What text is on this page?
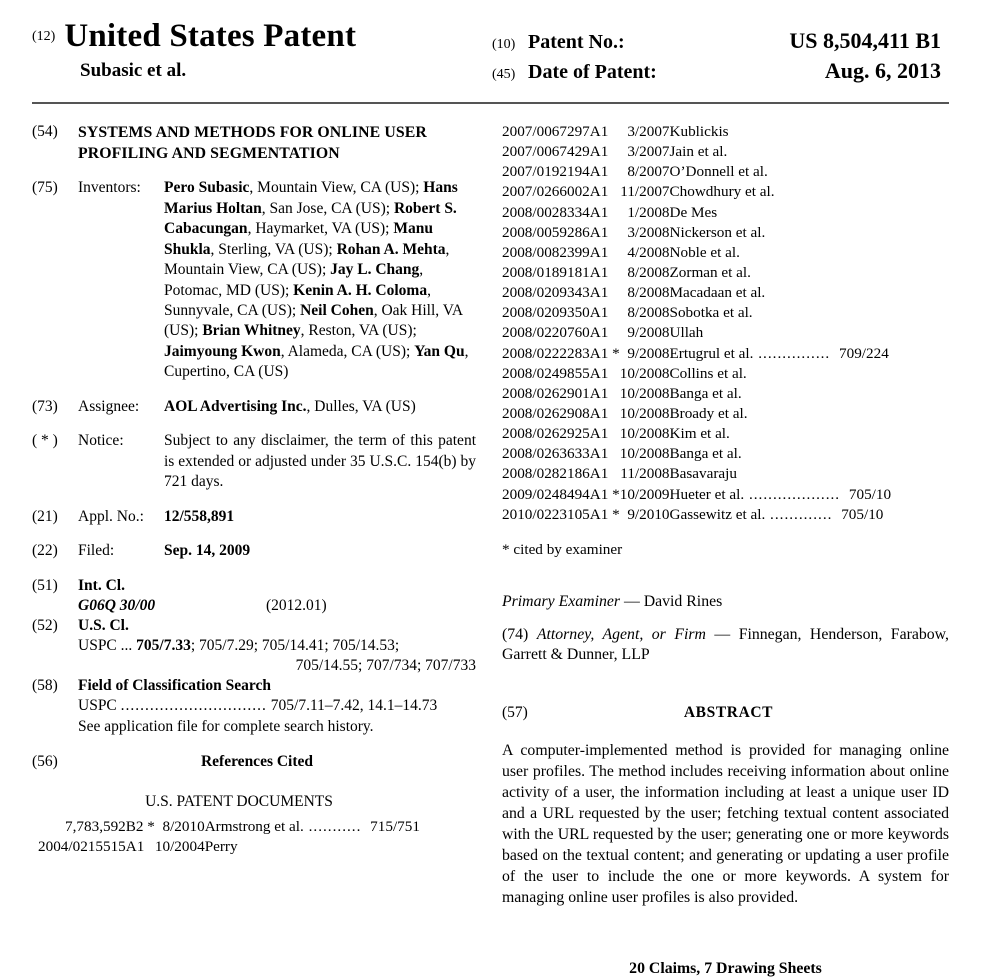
(12) United States Patent
Subasic et al.
(10) Patent No.:	US 8,504,411 B1
(45) Date of Patent:	Aug. 6, 2013
(54)	SYSTEMS AND METHODS FOR ONLINE USER PROFILING AND SEGMENTATION
(75)	Inventors:	Pero Subasic, Mountain View, CA (US); Hans Marius Holtan, San Jose, CA (US); Robert S. Cabacungan, Haymarket, VA (US); Manu Shukla, Sterling, VA (US); Rohan A. Mehta, Mountain View, CA (US); Jay L. Chang, Potomac, MD (US); Kenin A. H. Coloma, Sunnyvale, CA (US); Neil Cohen, Oak Hill, VA (US); Brian Whitney, Reston, VA (US); Jaimyoung Kwon, Alameda, CA (US); Yan Qu, Cupertino, CA (US)
(73)	Assignee:	AOL Advertising Inc., Dulles, VA (US)
( * )	Notice:	Subject to any disclaimer, the term of this patent is extended or adjusted under 35 U.S.C. 154(b) by 721 days.
(21)	Appl. No.:	12/558,891
(22)	Filed:	Sep. 14, 2009
(51)	Int. Cl.
G06Q 30/00	(2012.01)
(52)	U.S. Cl.
USPC ... 705/7.33; 705/7.29; 705/14.41; 705/14.53;
705/14.55; 707/734; 707/733
(58)	Field of Classification Search
USPC .............................. 705/7.11–7.42, 14.1–14.73
See application file for complete search history.
(56)	References Cited
U.S. PATENT DOCUMENTS
7,783,592	B2 *	8/2010	Armstrong et al. ........... 715/751
2004/0215515	A1	10/2004	Perry
2007/0067297	A1	3/2007	Kublickis
2007/0067429	A1	3/2007	Jain et al.
2007/0192194	A1	8/2007	O’Donnell et al.
2007/0266002	A1	11/2007	Chowdhury et al.
2008/0028334	A1	1/2008	De Mes
2008/0059286	A1	3/2008	Nickerson et al.
2008/0082399	A1	4/2008	Noble et al.
2008/0189181	A1	8/2008	Zorman et al.
2008/0209343	A1	8/2008	Macadaan et al.
2008/0209350	A1	8/2008	Sobotka et al.
2008/0220760	A1	9/2008	Ullah
2008/0222283	A1 *	9/2008	Ertugrul et al. ............... 709/224
2008/0249855	A1	10/2008	Collins et al.
2008/0262901	A1	10/2008	Banga et al.
2008/0262908	A1	10/2008	Broady et al.
2008/0262925	A1	10/2008	Kim et al.
2008/0263633	A1	10/2008	Banga et al.
2008/0282186	A1	11/2008	Basavaraju
2009/0248494	A1 *	10/2009	Hueter et al. ................... 705/10
2010/0223105	A1 *	9/2010	Gassewitz et al. ............. 705/10
* cited by examiner
Primary Examiner — David Rines
(74) Attorney, Agent, or Firm — Finnegan, Henderson, Farabow, Garrett & Dunner, LLP
(57)	ABSTRACT
A computer-implemented method is provided for managing online user profiles. The method includes receiving information about online activity of a user, the information including at least a unique user ID and a URL requested by the user; fetching textual content associated with the URL requested by the user; generating one or more keywords based on the textual content; and generating or updating a user profile of the user to include the one or more keywords. A system for managing online user profiles is also provided.
20 Claims, 7 Drawing Sheets
